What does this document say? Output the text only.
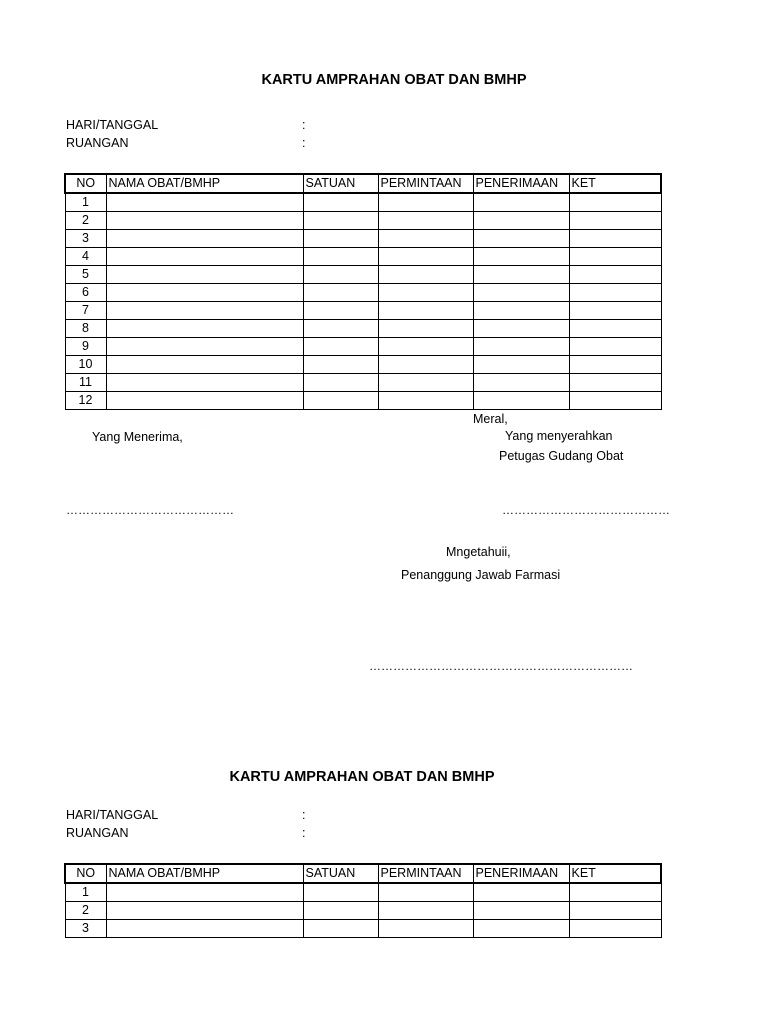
KARTU AMPRAHAN OBAT DAN BMHP
HARI/TANGGAL	:
RUANGAN	:
NO	NAMA OBAT/BMHP	SATUAN	PERMINTAAN	PENERIMAAN	KET
1					
2					
3					
4					
5					
6					
7					
8					
9					
10					
11					
12					
Meral,
Yang Menerima,	Yang menyerahkan
Petugas Gudang Obat
……………………………………	……………………………………
Mngetahuii,
Penanggung Jawab Farmasi
…………………………………………………………
KARTU AMPRAHAN OBAT DAN BMHP
HARI/TANGGAL	:
RUANGAN	:
NO	NAMA OBAT/BMHP	SATUAN	PERMINTAAN	PENERIMAAN	KET
1					
2					
3					
